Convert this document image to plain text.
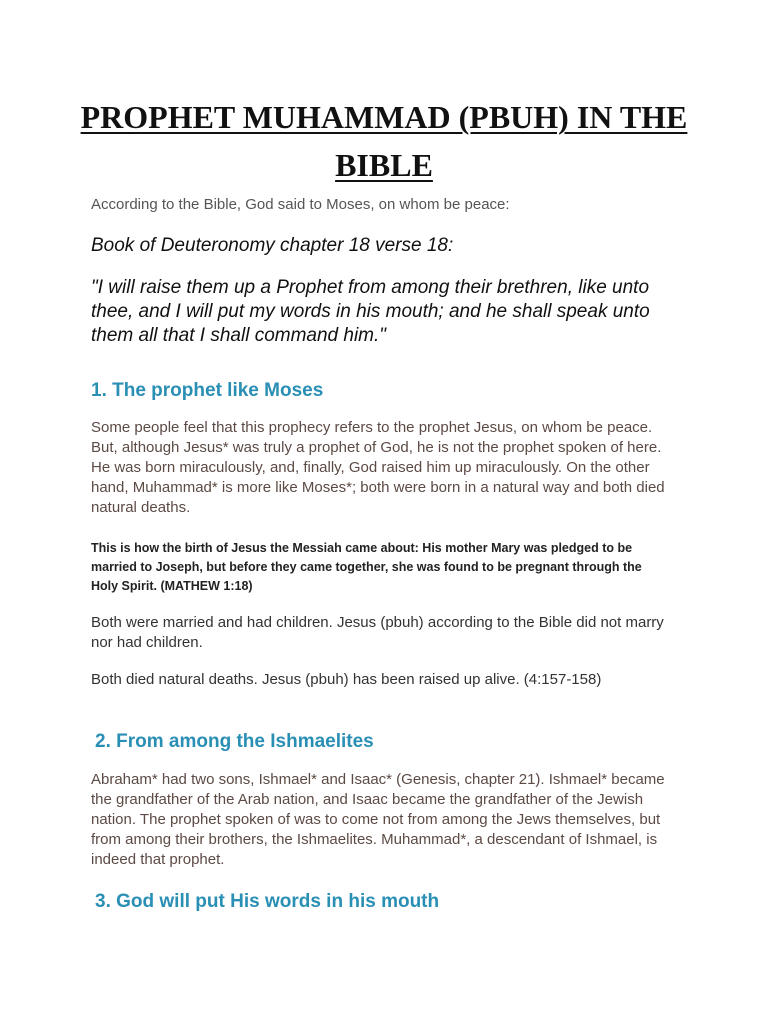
PROPHET MUHAMMAD (PBUH) IN THE BIBLE

According to the Bible, God said to Moses, on whom be peace:

Book of Deuteronomy chapter 18 verse 18:

"I will raise them up a Prophet from among their brethren, like unto thee, and I will put my words in his mouth; and he shall speak unto them all that I shall command him."

1. The prophet like Moses

Some people feel that this prophecy refers to the prophet Jesus, on whom be peace. But, although Jesus* was truly a prophet of God, he is not the prophet spoken of here. He was born miraculously, and, finally, God raised him up miraculously. On the other hand, Muhammad* is more like Moses*; both were born in a natural way and both died natural deaths.

This is how the birth of Jesus the Messiah came about: His mother Mary was pledged to be married to Joseph, but before they came together, she was found to be pregnant through the Holy Spirit. (MATHEW 1:18)

Both were married and had children. Jesus (pbuh) according to the Bible did not marry nor had children.

Both died natural deaths. Jesus (pbuh) has been raised up alive. (4:157-158)

2. From among the Ishmaelites

Abraham* had two sons, Ishmael* and Isaac* (Genesis, chapter 21). Ishmael* became the grandfather of the Arab nation, and Isaac became the grandfather of the Jewish nation. The prophet spoken of was to come not from among the Jews themselves, but from among their brothers, the Ishmaelites. Muhammad*, a descendant of Ishmael, is indeed that prophet.

3. God will put His words in his mouth
